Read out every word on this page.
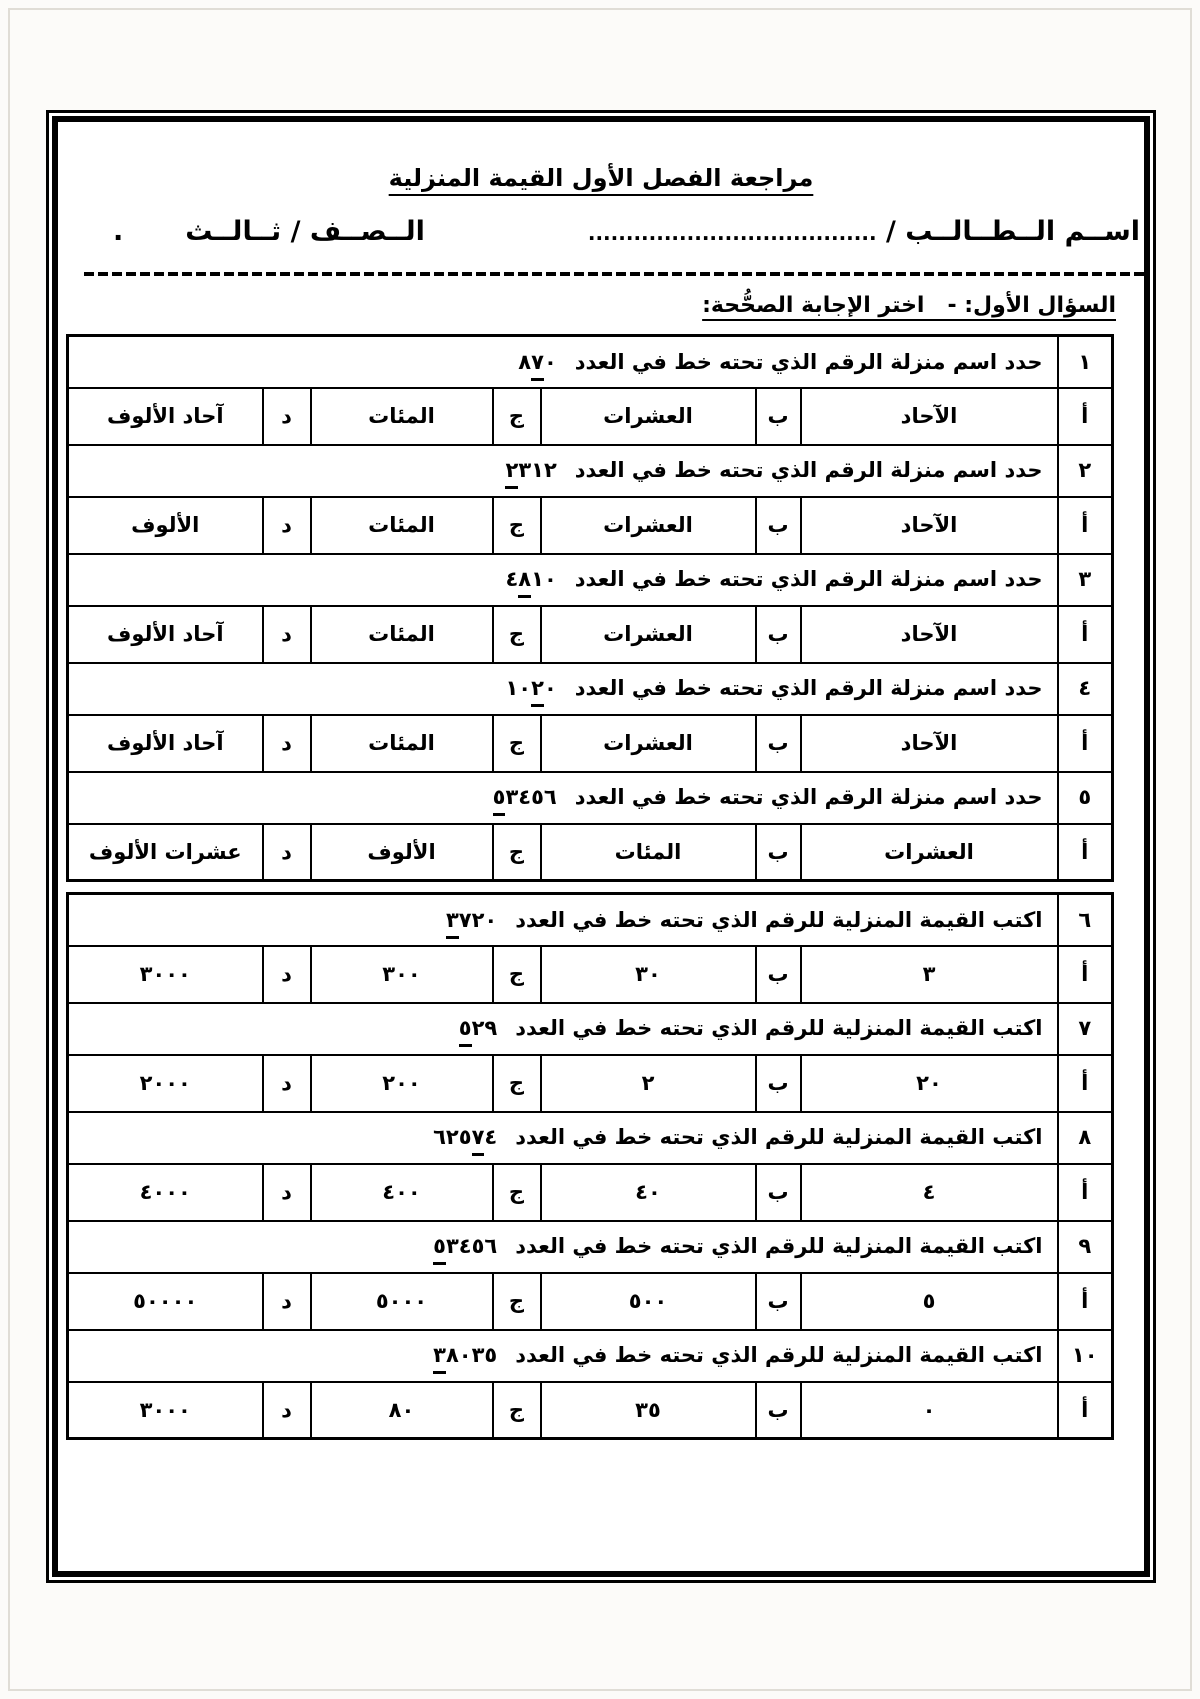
مراجعة الفصل الأول القيمة المنزلية
اســم الــطــالــب / ......................................
الــصــف / ثــالــث.
السؤال الأول: -   اختر الإجابة الصحُّحة:
١	حدد اسم منزلة الرقم الذي تحته خط في العدد٨٧٠						
أ	الآحاد	ب	العشرات	ج	المئات	د	آحاد الألوف
٢	حدد اسم منزلة الرقم الذي تحته خط في العدد٢٣١٢						
أ	الآحاد	ب	العشرات	ج	المئات	د	الألوف
٣	حدد اسم منزلة الرقم الذي تحته خط في العدد٤٨١٠						
أ	الآحاد	ب	العشرات	ج	المئات	د	آحاد الألوف
٤	حدد اسم منزلة الرقم الذي تحته خط في العدد١٠٢٠						
أ	الآحاد	ب	العشرات	ج	المئات	د	آحاد الألوف
٥	حدد اسم منزلة الرقم الذي تحته خط في العدد٥٣٤٥٦						
أ	العشرات	ب	المئات	ج	الألوف	د	عشرات الألوف
٦	اكتب القيمة المنزلية للرقم الذي تحته خط في العدد٣٧٢٠						
أ	٣	ب	٣٠	ج	٣٠٠	د	٣٠٠٠
٧	اكتب القيمة المنزلية للرقم الذي تحته خط في العدد٥٢٩						
أ	٢٠	ب	٢	ج	٢٠٠	د	٢٠٠٠
٨	اكتب القيمة المنزلية للرقم الذي تحته خط في العدد٦٢٥٧٤						
أ	٤	ب	٤٠	ج	٤٠٠	د	٤٠٠٠
٩	اكتب القيمة المنزلية للرقم الذي تحته خط في العدد٥٣٤٥٦						
أ	٥	ب	٥٠٠	ج	٥٠٠٠	د	٥٠٠٠٠
١٠	اكتب القيمة المنزلية للرقم الذي تحته خط في العدد٣٨٠٣٥						
أ	٠	ب	٣٥	ج	٨٠	د	٣٠٠٠
